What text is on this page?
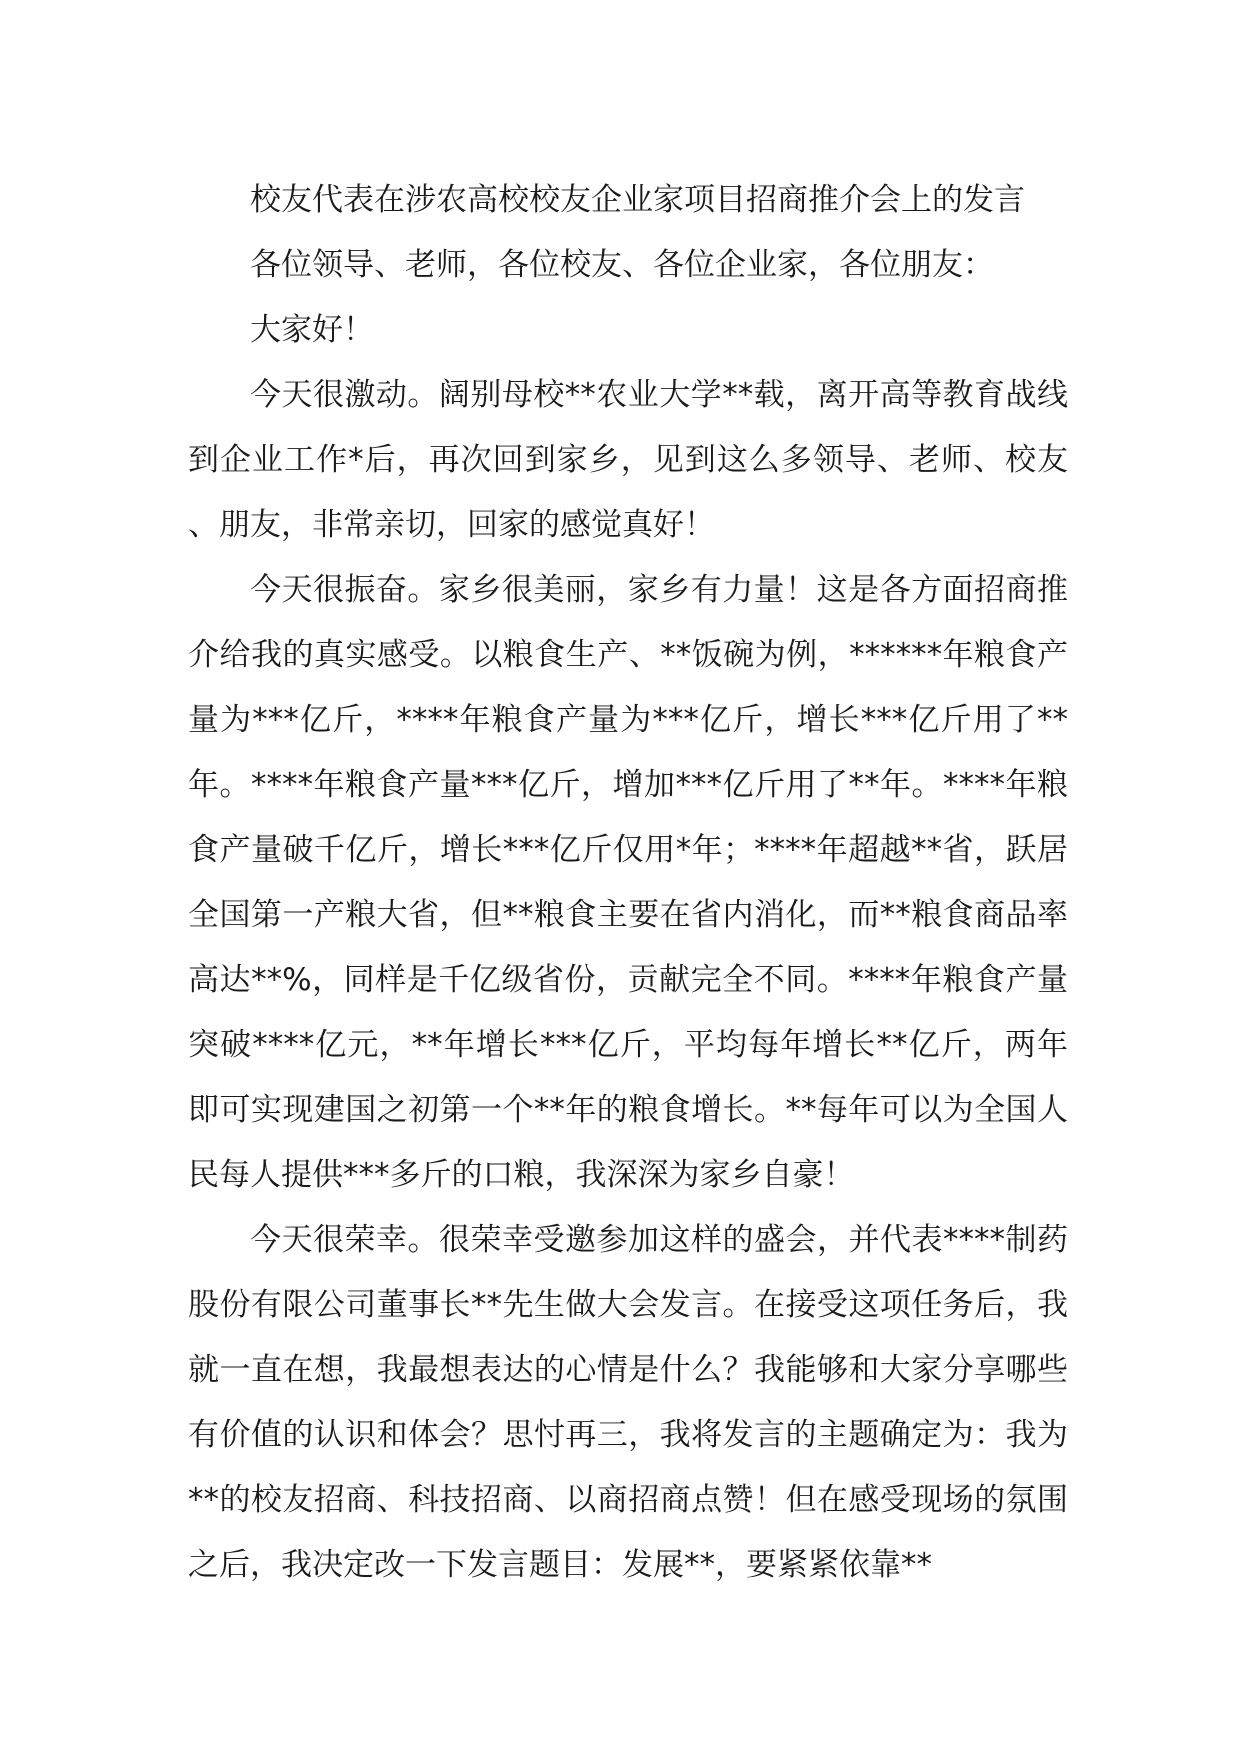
校友代表在涉农高校校友企业家项目招商推介会上的发言

各位领导、老师，各位校友、各位企业家，各位朋友：

大家好！

今天很激动。阔别母校**农业大学**载，离开高等教育战线到企业工作*后，再次回到家乡，见到这么多领导、老师、校友、朋友，非常亲切，回家的感觉真好！

今天很振奋。家乡很美丽，家乡有力量！这是各方面招商推介给我的真实感受。以粮食生产、**饭碗为例，******年粮食产量为***亿斤，****年粮食产量为***亿斤，增长***亿斤用了**年。****年粮食产量***亿斤，增加***亿斤用了**年。****年粮食产量破千亿斤，增长***亿斤仅用*年；****年超越**省，跃居全国第一产粮大省，但**粮食主要在省内消化，而**粮食商品率高达**%，同样是千亿级省份，贡献完全不同。****年粮食产量突破****亿元，**年增长***亿斤，平均每年增长**亿斤，两年即可实现建国之初第一个**年的粮食增长。**每年可以为全国人民每人提供***多斤的口粮，我深深为家乡自豪！

今天很荣幸。很荣幸受邀参加这样的盛会，并代表****制药股份有限公司董事长**先生做大会发言。在接受这项任务后，我就一直在想，我最想表达的心情是什么？我能够和大家分享哪些有价值的认识和体会？思忖再三，我将发言的主题确定为：我为**的校友招商、科技招商、以商招商点赞！但在感受现场的氛围之后，我决定改一下发言题目：发展**，要紧紧依靠**
